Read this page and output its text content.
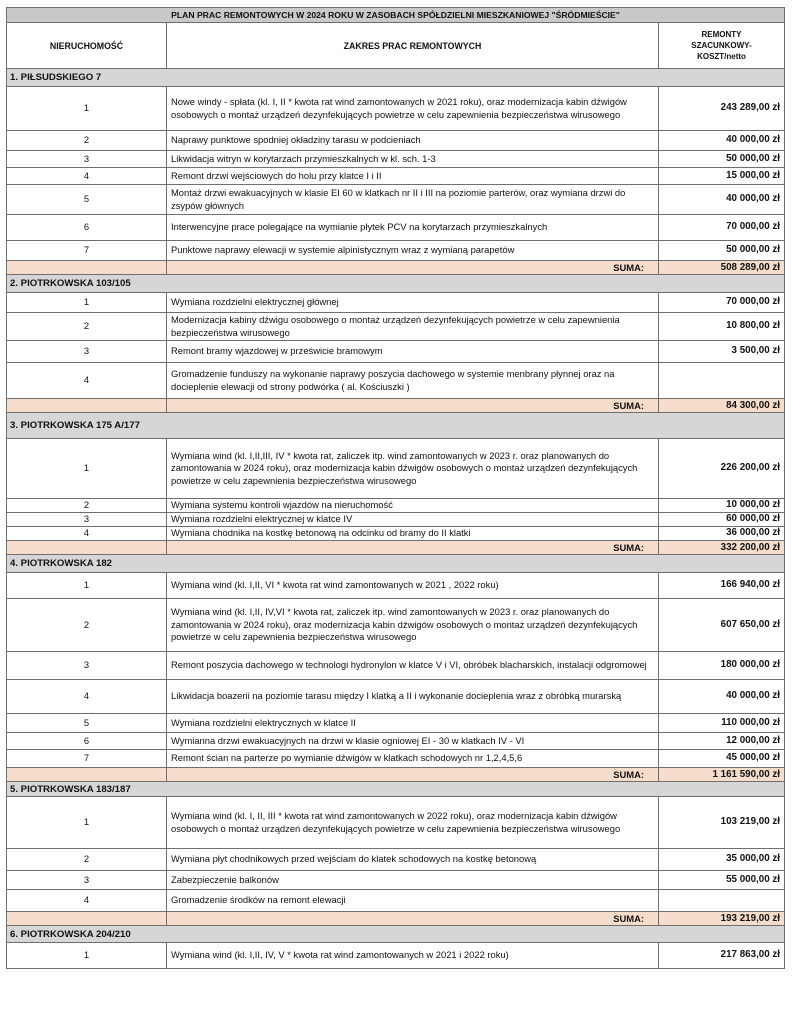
PLAN PRAC REMONTOWYCH W 2024 ROKU W ZASOBACH SPÓŁDZIELNI MIESZKANIOWEJ "ŚRÓDMIEŚCIE"		
NIERUCHOMOŚĆ	ZAKRES PRAC REMONTOWYCH	REMONTY
SZACUNKOWY-
KOSZT/netto

1. PIŁSUDSKIEGO 7		
1	Nowe windy - spłata (kl. I, II * kwota rat wind zamontowanych w 2021 roku), oraz modernizacja kabin dźwigów osobowych o montaż urządzeń dezynfekujących powietrze w celu zapewnienia bezpieczeństwa wirusowego	243 289,00 zł
2	Naprawy punktowe spodniej okładziny tarasu w podcieniach	40 000,00 zł
3	Likwidacja witryn w korytarzach przymieszkalnych w kl. sch. 1-3	50 000,00 zł
4	Remont drzwi wejściowych do holu przy klatce I i II	15 000,00 zł
5	Montaż drzwi ewakuacyjnych w klasie EI 60 w klatkach nr II i III na poziomie parterów, oraz wymiana drzwi do zsypów głównych	40 000,00 zł
6	Interwencyjne prace polegające na wymianie płytek PCV na korytarzach przymieszkalnych	70 000,00 zł
7	Punktowe naprawy elewacji w systemie alpinistycznym wraz z wymianą parapetów	50 000,00 zł
	SUMA:	508 289,00 zł
2. PIOTRKOWSKA 103/105		
1	Wymiana rozdzielni elektrycznej głównej	70 000,00 zł
2	Modernizacja kabiny dźwigu osobowego o montaż urządzeń dezynfekujących powietrze w celu zapewnienia bezpieczeństwa wirusowego	10 800,00 zł
3	Remont bramy wjazdowej w prześwicie bramowym	3 500,00 zł
4	Gromadzenie funduszy na wykonanie naprawy poszycia dachowego w systemie menbrany płynnej oraz na docieplenie elewacji od strony podwórka ( al. Kościuszki )	
	SUMA:	84 300,00 zł
3. PIOTRKOWSKA 175 A/177		
1	Wymiana wind (kl. I,II,III, IV * kwota rat, zaliczek itp. wind zamontowanych w 2023 r. oraz planowanych do zamontowania w 2024 roku), oraz modernizacja kabin dźwigów osobowych o montaż urządzeń dezynfekujących powietrze w celu zapewnienia bezpieczeństwa wirusowego	226 200,00 zł
2	Wymiana systemu kontroli wjazdów na nieruchomość	10 000,00 zł
3	Wymiana rozdzielni elektrycznej w klatce IV	60 000,00 zł
4	Wymiana chodnika na kostkę betonową na odcinku od bramy do II klatki	36 000,00 zł
	SUMA:	332 200,00 zł
4. PIOTRKOWSKA 182		
1	Wymiana wind (kl. I,II, VI * kwota rat wind zamontowanych w 2021 , 2022 roku)	166 940,00 zł
2	Wymiana wind (kl. I,II, IV,VI * kwota rat, zaliczek itp. wind zamontowanych w 2023 r. oraz planowanych do zamontowania w 2024 roku), oraz modernizacja kabin dźwigów osobowych o montaż urządzeń dezynfekujących powietrze w celu zapewnienia bezpieczeństwa wirusowego	607 650,00 zł
3	Remont poszycia dachowego w technologi hydronylon w klatce V i VI, obróbek blacharskich, instalacji odgromowej	180 000,00 zł
4	Likwidacja boazerii na poziomie tarasu między I klatką a II i wykonanie docieplenia wraz z obróbką murarską	40 000,00 zł
5	Wymiana rozdzielni elektrycznych w klatce II	110 000,00 zł
6	Wymianna drzwi ewakuacyjnych na drzwi w klasie ogniowej EI - 30 w klatkach IV - VI	12 000,00 zł
7	Remont ścian na parterze po wymianie dźwigów w klatkach schodowych nr 1,2,4,5,6	45 000,00 zł
	SUMA:	1 161 590,00 zł
5. PIOTRKOWSKA 183/187		
1	Wymiana wind (kl. I, II, III * kwota rat wind zamontowanych w 2022 roku), oraz modernizacja kabin dźwigów osobowych o montaż urządzeń dezynfekujących powietrze w celu zapewnienia bezpieczeństwa wirusowego	103 219,00 zł
2	Wymiana płyt chodnikowych przed wejściam do klatek schodowych na kostkę betonową	35 000,00 zł
3	Zabezpieczenie balkonów	55 000,00 zł
4	Gromadzenie środków na remont elewacji	
	SUMA:	193 219,00 zł
6. PIOTRKOWSKA 204/210		
1	Wymiana wind (kl. I,II, IV, V * kwota rat wind zamontowanych w 2021 i 2022 roku)	217 863,00 zł
